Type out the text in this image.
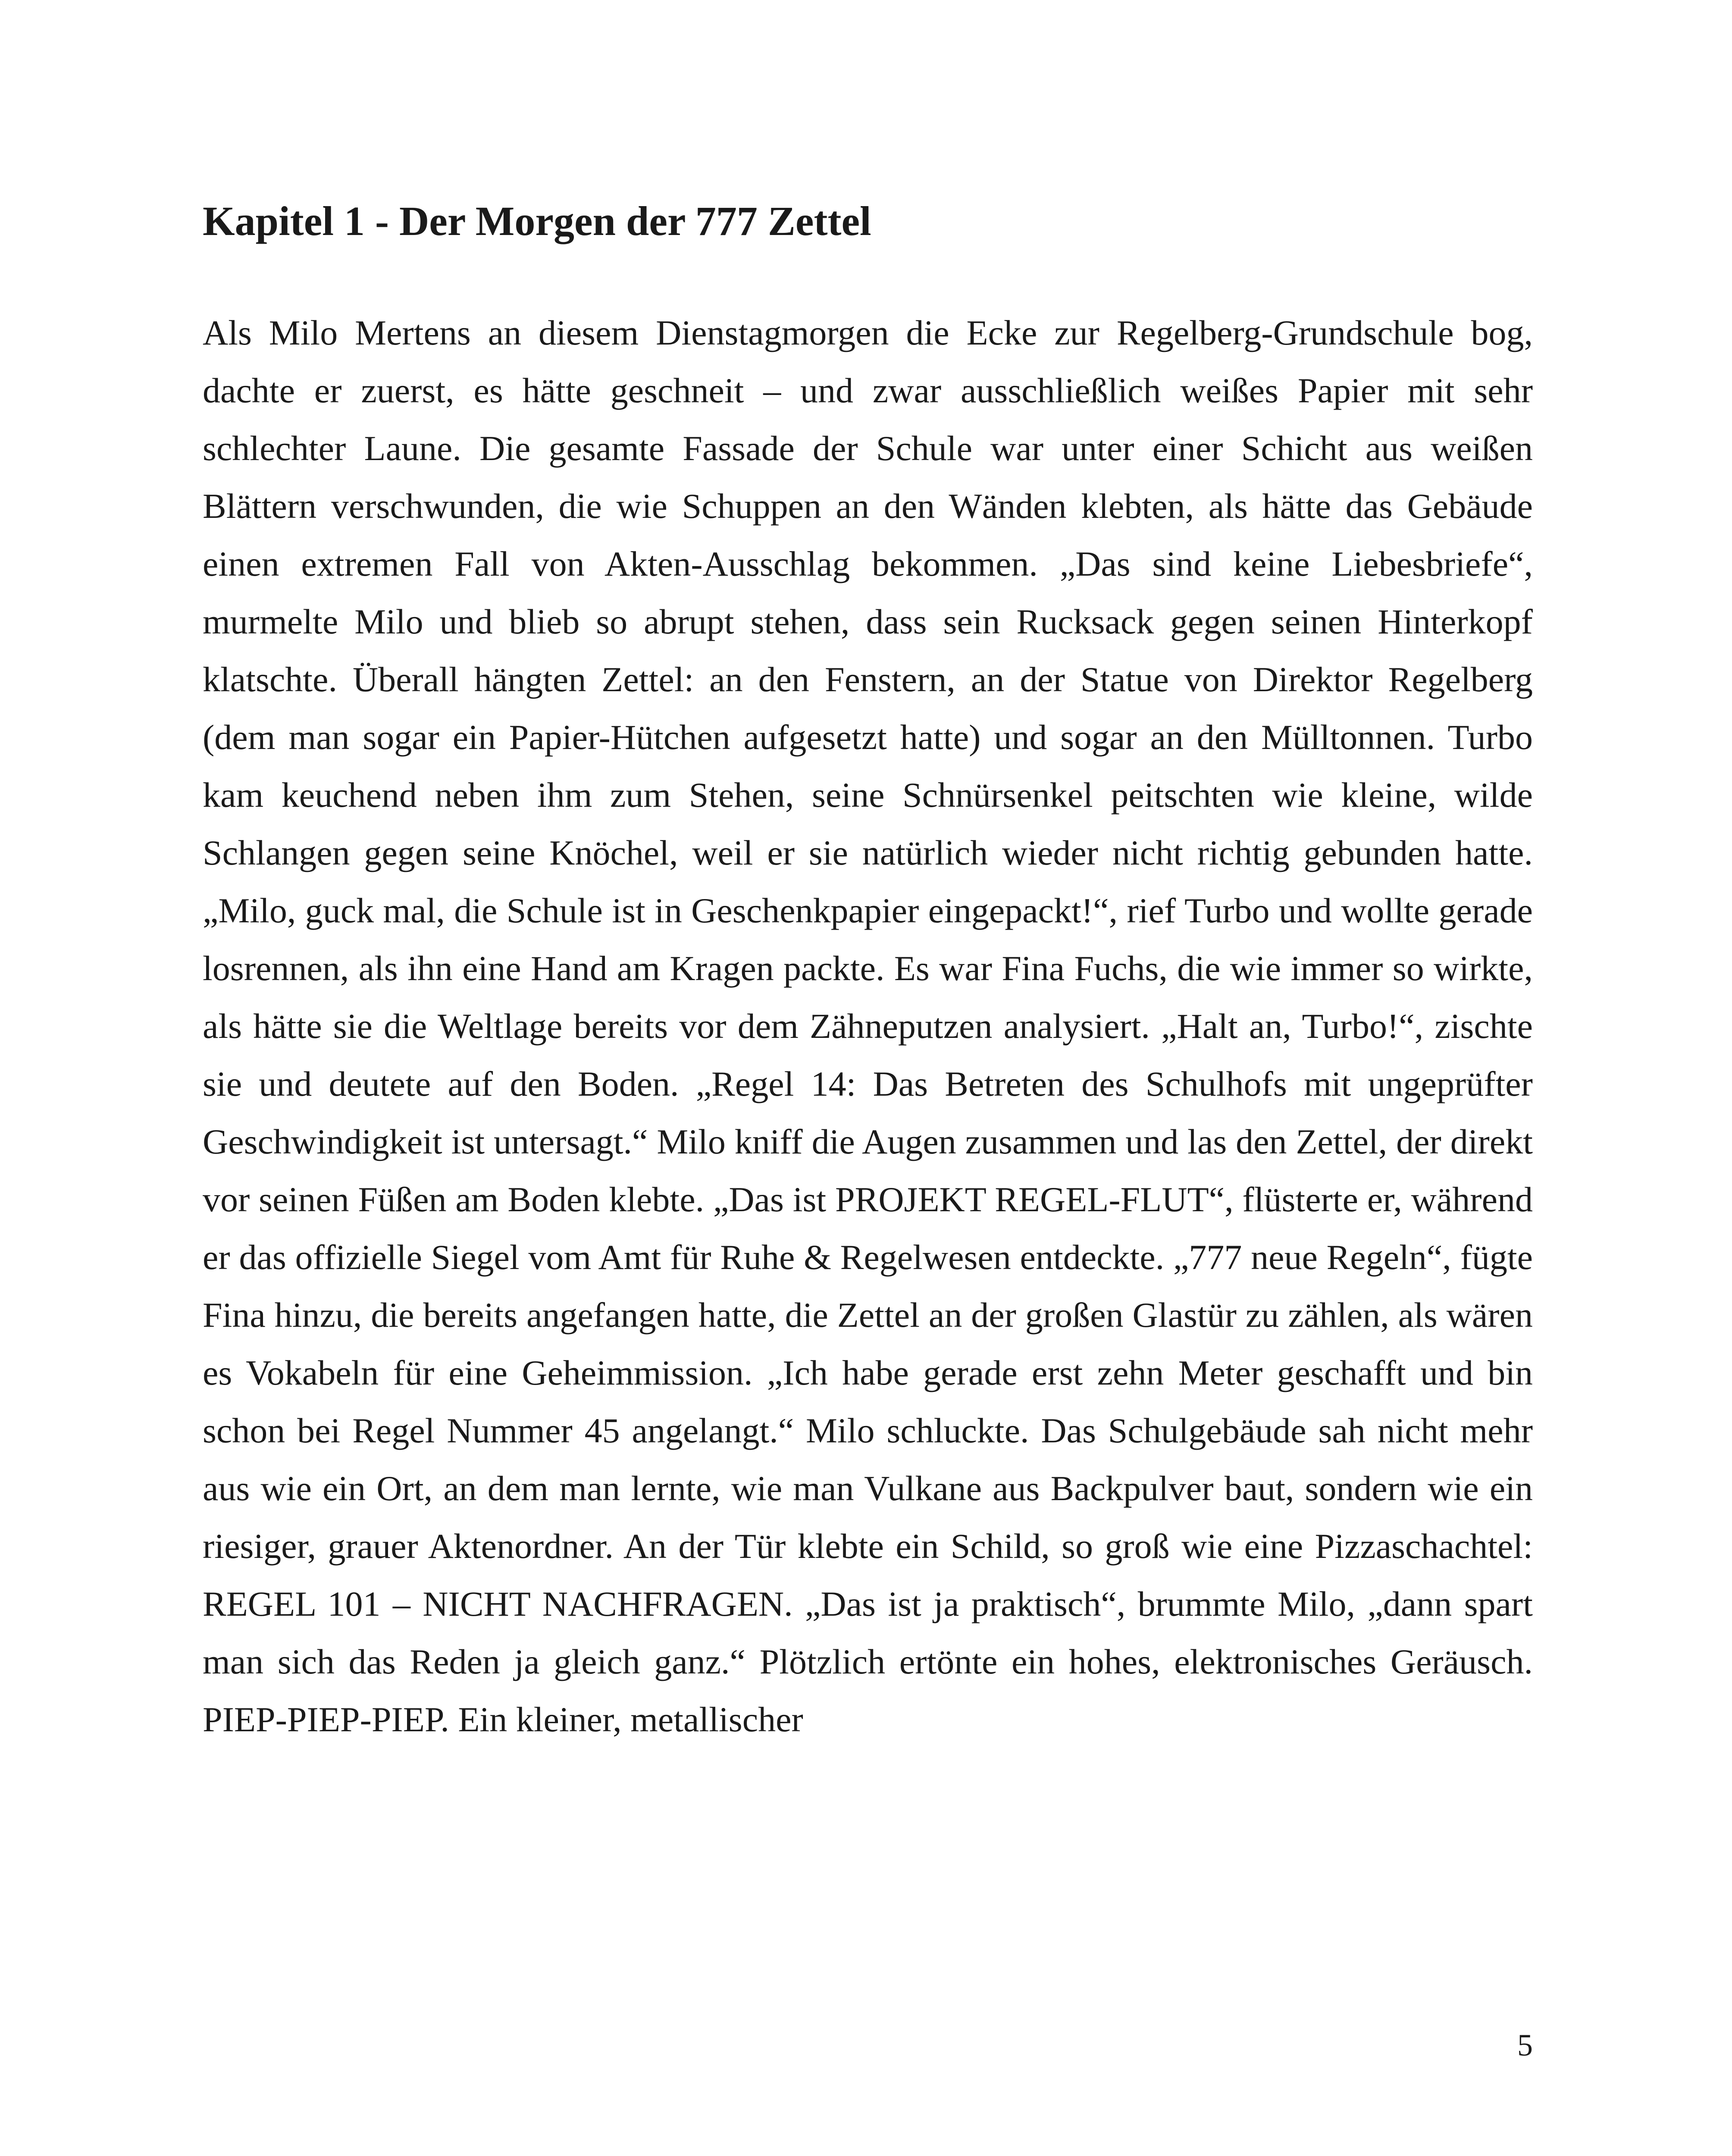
Kapitel 1 - Der Morgen der 777 Zettel

Als Milo Mertens an diesem Dienstagmorgen die Ecke zur Regelberg-Grundschule bog, dachte er zuerst, es hätte geschneit – und zwar ausschließlich weißes Papier mit sehr schlechter Laune. Die gesamte Fassade der Schule war unter einer Schicht aus weißen Blättern verschwunden, die wie Schuppen an den Wänden klebten, als hätte das Gebäude einen extremen Fall von Akten-Ausschlag bekommen. „Das sind keine Liebesbriefe“, murmelte Milo und blieb so abrupt stehen, dass sein Rucksack gegen seinen Hinterkopf klatschte. Überall hängten Zettel: an den Fenstern, an der Statue von Direktor Regelberg (dem man sogar ein Papier-Hütchen aufgesetzt hatte) und sogar an den Mülltonnen. Turbo kam keuchend neben ihm zum Stehen, seine Schnürsenkel peitschten wie kleine, wilde Schlangen gegen seine Knöchel, weil er sie natürlich wieder nicht richtig gebunden hatte. „Milo, guck mal, die Schule ist in Geschenkpapier eingepackt!“, rief Turbo und wollte gerade losrennen, als ihn eine Hand am Kragen packte. Es war Fina Fuchs, die wie immer so wirkte, als hätte sie die Weltlage bereits vor dem Zähneputzen analysiert. „Halt an, Turbo!“, zischte sie und deutete auf den Boden. „Regel 14: Das Betreten des Schulhofs mit ungeprüfter Geschwindigkeit ist untersagt.“ Milo kniff die Augen zusammen und las den Zettel, der direkt vor seinen Füßen am Boden klebte. „Das ist PROJEKT REGEL-FLUT“, flüsterte er, während er das offizielle Siegel vom Amt für Ruhe & Regelwesen entdeckte. „777 neue Regeln“, fügte Fina hinzu, die bereits angefangen hatte, die Zettel an der großen Glastür zu zählen, als wären es Vokabeln für eine Geheimmission. „Ich habe gerade erst zehn Meter geschafft und bin schon bei Regel Nummer 45 angelangt.“ Milo schluckte. Das Schulgebäude sah nicht mehr aus wie ein Ort, an dem man lernte, wie man Vulkane aus Backpulver baut, sondern wie ein riesiger, grauer Aktenordner. An der Tür klebte ein Schild, so groß wie eine Pizzaschachtel: REGEL 101 – NICHT NACHFRAGEN. „Das ist ja praktisch“, brummte Milo, „dann spart man sich das Reden ja gleich ganz.“ Plötzlich ertönte ein hohes, elektronisches Geräusch. PIEP-PIEP-PIEP. Ein kleiner, metallischer

5
